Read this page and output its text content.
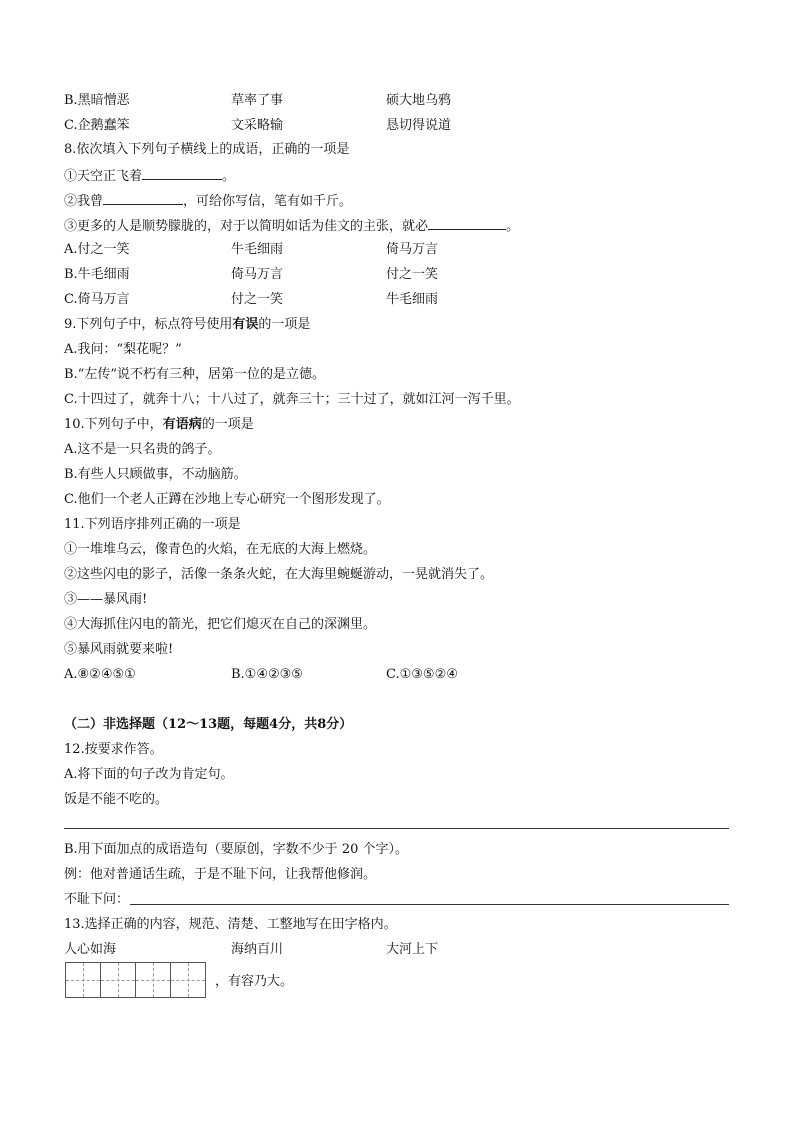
B.黑暗憎恶	草率了事	硕大地乌鸦
C.企鹅蠢笨	文采略输	恳切得说道
8.依次填入下列句子横线上的成语，正确的一项是
①天空正飞着	。
②我曾	，可给你写信，笔有如千斤。
③更多的人是顺势朦胧的，对于以简明如话为佳文的主张，就必	。
A.付之一笑	牛毛细雨	倚马万言
B.牛毛细雨	倚马万言	付之一笑
C.倚马万言	付之一笑	牛毛细雨
9.下列句子中，标点符号使用有误的一项是
A.我问：“梨花呢？”
B.“左传”说不朽有三种，居第一位的是立德。
C.十四过了，就奔十八；十八过了，就奔三十；三十过了，就如江河一泻千里。
10.下列句子中，有语病的一项是
A.这不是一只名贵的鸽子。
B.有些人只顾做事，不动脑筋。
C.他们一个老人正蹲在沙地上专心研究一个图形发现了。
11.下列语序排列正确的一项是
①一堆堆乌云，像青色的火焰，在无底的大海上燃烧。
②这些闪电的影子，活像一条条火蛇，在大海里蜿蜒游动，一晃就消失了。
③——暴风雨!
④大海抓住闪电的箭光，把它们熄灭在自己的深渊里。
⑤暴风雨就要来啦!
A.⑧②④⑤①	B.①④②③⑤	C.①③⑤②④
（二）非选择题（12～13题，每题4分，共8分）
12.按要求作答。
A.将下面的句子改为肯定句。
饭是不能不吃的。
B.用下面加点的成语造句（要原创，字数不少于 20 个字）。
例：他对普通话生疏，于是不耻下问，让我帮他修润。
不耻下问：
13.选择正确的内容，规范、清楚、工整地写在田字格内。
人心如海	海纳百川	大河上下
，有容乃大。
